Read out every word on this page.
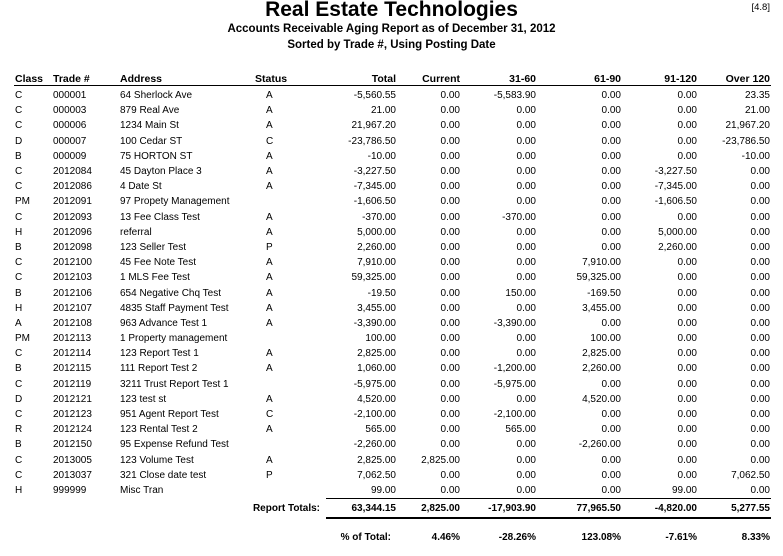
Real Estate Technologies
Accounts Receivable Aging Report as of December 31, 2012
Sorted by Trade #, Using Posting Date
[4.8]
Class	Trade #	Address	Status	Total	Current	31-60	61-90	91-120	Over 120
C	000001	64 Sherlock Ave	A	-5,560.55	0.00	-5,583.90	0.00	0.00	23.35
C	000003	879 Real Ave	A	21.00	0.00	0.00	0.00	0.00	21.00
C	000006	1234 Main St	A	21,967.20	0.00	0.00	0.00	0.00	21,967.20
D	000007	100 Cedar ST	C	-23,786.50	0.00	0.00	0.00	0.00	-23,786.50
B	000009	75 HORTON ST	A	-10.00	0.00	0.00	0.00	0.00	-10.00
C	2012084	45 Dayton Place 3	A	-3,227.50	0.00	0.00	0.00	-3,227.50	0.00
C	2012086	4 Date St	A	-7,345.00	0.00	0.00	0.00	-7,345.00	0.00
PM	2012091	97 Propety Management		-1,606.50	0.00	0.00	0.00	-1,606.50	0.00
C	2012093	13 Fee Class Test	A	-370.00	0.00	-370.00	0.00	0.00	0.00
H	2012096	referral	A	5,000.00	0.00	0.00	0.00	5,000.00	0.00
B	2012098	123 Seller Test	P	2,260.00	0.00	0.00	0.00	2,260.00	0.00
C	2012100	45 Fee Note Test	A	7,910.00	0.00	0.00	7,910.00	0.00	0.00
C	2012103	1 MLS Fee Test	A	59,325.00	0.00	0.00	59,325.00	0.00	0.00
B	2012106	654 Negative Chq Test	A	-19.50	0.00	150.00	-169.50	0.00	0.00
H	2012107	4835 Staff Payment Test	A	3,455.00	0.00	0.00	3,455.00	0.00	0.00
A	2012108	963 Advance Test 1	A	-3,390.00	0.00	-3,390.00	0.00	0.00	0.00
PM	2012113	1 Property management		100.00	0.00	0.00	100.00	0.00	0.00
C	2012114	123 Report Test 1	A	2,825.00	0.00	0.00	2,825.00	0.00	0.00
B	2012115	111 Report Test 2	A	1,060.00	0.00	-1,200.00	2,260.00	0.00	0.00
C	2012119	3211 Trust Report Test 1		-5,975.00	0.00	-5,975.00	0.00	0.00	0.00
D	2012121	123 test st	A	4,520.00	0.00	0.00	4,520.00	0.00	0.00
C	2012123	951 Agent Report Test	C	-2,100.00	0.00	-2,100.00	0.00	0.00	0.00
R	2012124	123 Rental Test 2	A	565.00	0.00	565.00	0.00	0.00	0.00
B	2012150	95 Expense Refund Test		-2,260.00	0.00	0.00	-2,260.00	0.00	0.00
C	2013005	123 Volume Test	A	2,825.00	2,825.00	0.00	0.00	0.00	0.00
C	2013037	321 Close date test	P	7,062.50	0.00	0.00	0.00	0.00	7,062.50
H	999999	Misc Tran		99.00	0.00	0.00	0.00	99.00	0.00
Report Totals:				63,344.15	2,825.00	-17,903.90	77,965.50	-4,820.00	5,277.55
% of Total:					4.46%	-28.26%	123.08%	-7.61%	8.33%
